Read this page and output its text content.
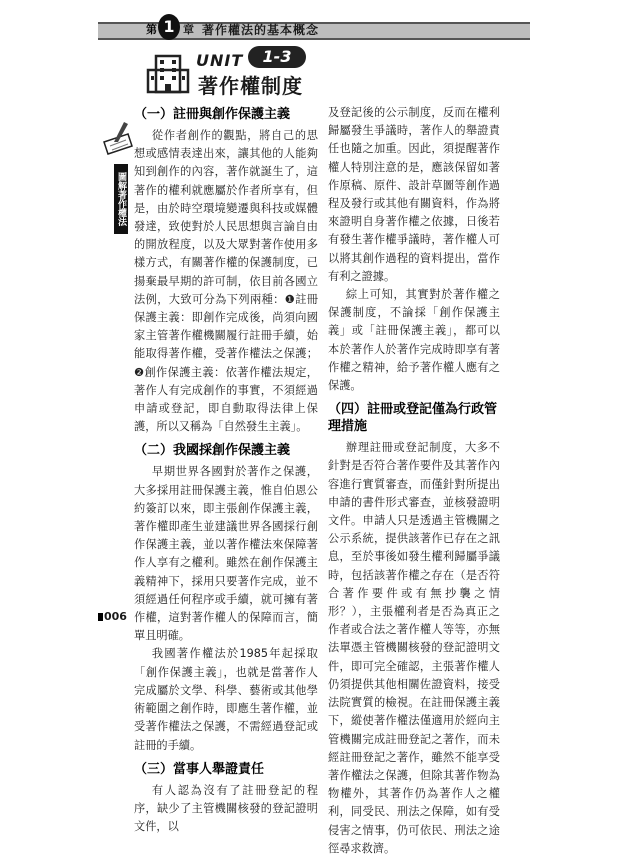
第 1 章 著作權法的基本概念
UNIT	1-3
著作權制度
圖解著作權法
（一）註冊與創作保護主義

從作者創作的觀點，將自己的思想或感情表達出來，讓其他的人能夠知到創作的內容，著作就誕生了，這著作的權利就應屬於作者所享有，但是，由於時空環境變遷與科技或媒體發達，致使對於人民思想與言論自由的開放程度，以及大眾對著作使用多樣方式，有關著作權的保護制度，已揚棄最早期的許可制，依目前各國立法例，大致可分為下列兩種：❶註冊保護主義：即創作完成後，尚須向國家主管著作權機關履行註冊手續，始能取得著作權，受著作權法之保護；❷創作保護主義：依著作權法規定，著作人有完成創作的事實，不須經過申請或登記，即自動取得法律上保護，所以又稱為「自然發生主義」。

（二）我國採創作保護主義

早期世界各國對於著作之保護，大多採用註冊保護主義，惟自伯恩公約簽訂以來，即主張創作保護主義，著作權即產生並建議世界各國採行創作保護主義，並以著作權法來保障著作人享有之權利。雖然在創作保護主義精神下，採用只要著作完成，並不須經過任何程序或手續，就可擁有著作權，這對著作權人的保障而言，簡單且明確。

我國著作權法於1985年起採取「創作保護主義」，也就是當著作人完成屬於文學、科學、藝術或其他學術範圍之創作時，即應生著作權，並受著作權法之保護，不需經過登記或註冊的手續。

（三）當事人舉證責任

有人認為沒有了註冊登記的程序，缺少了主管機關核發的登記證明文件，以

及登記後的公示制度，反而在權利歸屬發生爭議時，著作人的舉證責任也隨之加重。因此，須提醒著作權人特別注意的是，應該保留如著作原稿、原件、設計草圖等創作過程及發行或其他有關資料，作為將來證明自身著作權之依據，日後若有發生著作權爭議時，著作權人可以將其創作過程的資料提出，當作有利之證據。

綜上可知，其實對於著作權之保護制度，不論採「創作保護主義」或「註冊保護主義」，都可以本於著作人於著作完成時即享有著作權之精神，給予著作權人應有之保護。

（四）註冊或登記僅為行政管理措施

辦理註冊或登記制度，大多不針對是否符合著作要件及其著作內容進行實質審查，而僅針對所提出申請的書件形式審查，並核發證明文件。申請人只是透過主管機關之公示系統，提供該著作已存在之訊息，至於事後如發生權利歸屬爭議時，包括該著作權之存在（是否符合著作要件或有無抄襲之情形？），主張權利者是否為真正之作者或合法之著作權人等等，亦無法單憑主管機關核發的登記證明文件，即可完全確認，主張著作權人仍須提供其他相關佐證資料，接受法院實質的檢視。在註冊保護主義下，縱使著作權法僅適用於經向主管機關完成註冊登記之著作，而未經註冊登記之著作，雖然不能享受著作權法之保護，但除其著作物為物權外，其著作仍為著作人之權利，同受民、刑法之保障，如有受侵害之情事，仍可依民、刑法之途徑尋求救濟。

006
